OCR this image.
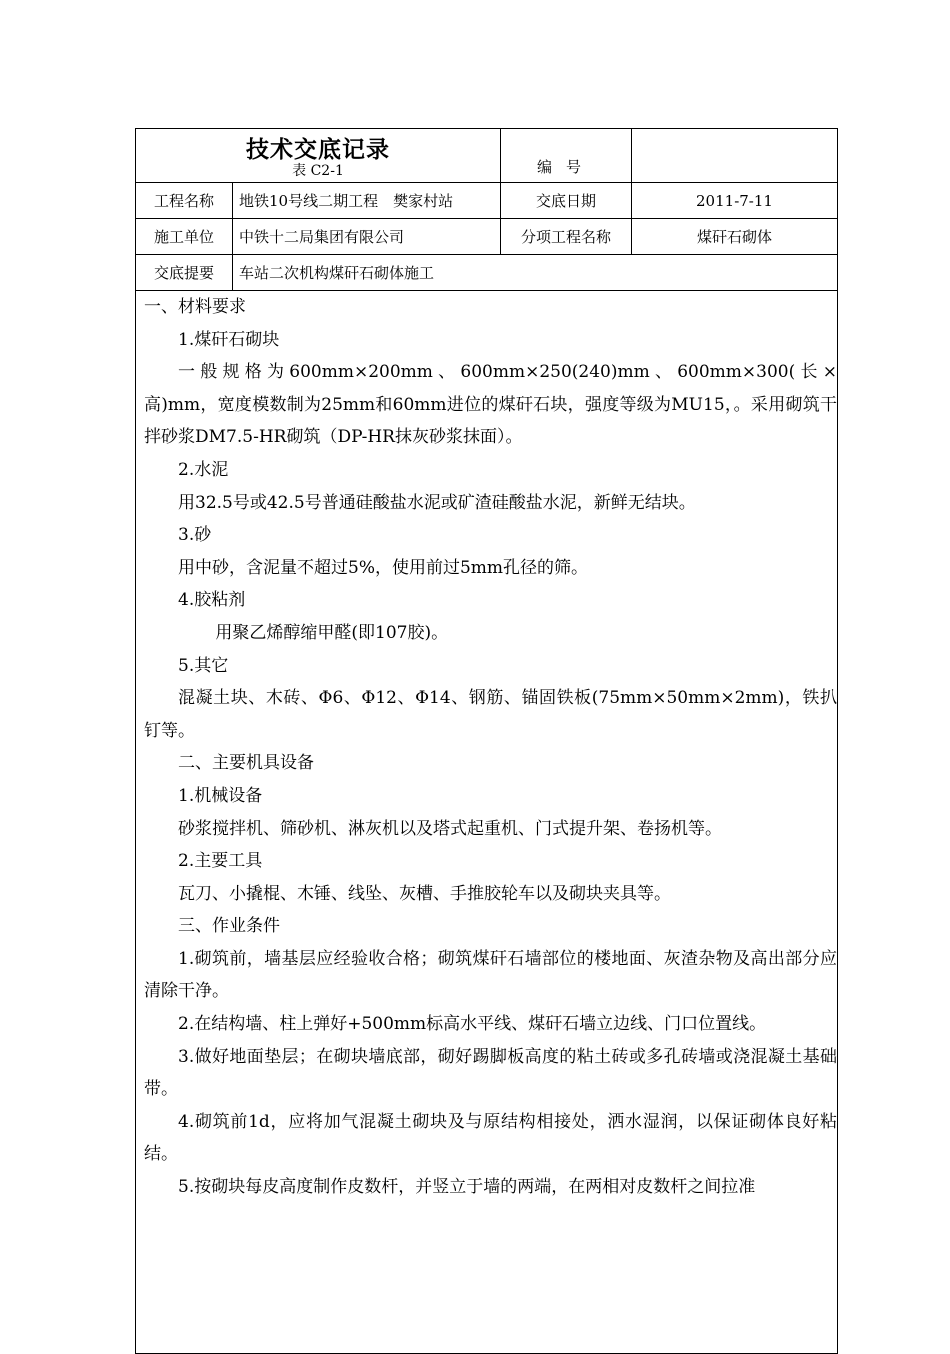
技术交底记录
表 C2-1		编号	
工程名称	地铁10号线二期工程　樊家村站	交底日期	2011-7-11
施工单位	中铁十二局集团有限公司	分项工程名称	煤矸石砌体
交底提要	车站二次机构煤矸石砌体施工		

一、材料要求

1.煤矸石砌块

一般规格为600mm×200mm、600mm×250(240)mm、600mm×300(长×高)mm，宽度模数制为25mm和60mm进位的煤矸石块，强度等级为MU15，。采用砌筑干拌砂浆DM7.5-HR砌筑（DP-HR抹灰砂浆抹面）。

2.水泥

用32.5号或42.5号普通硅酸盐水泥或矿渣硅酸盐水泥，新鲜无结块。

3.砂

用中砂，含泥量不超过5%，使用前过5mm孔径的筛。

4.胶粘剂

用聚乙烯醇缩甲醛(即107胶)。

5.其它

混凝土块、木砖、Φ6、Φ12、Φ14、钢筋、锚固铁板(75mm×50mm×2mm)，铁扒钉等。

二、主要机具设备

1.机械设备

砂浆搅拌机、筛砂机、淋灰机以及塔式起重机、门式提升架、卷扬机等。

2.主要工具

瓦刀、小撬棍、木锤、线坠、灰槽、手推胶轮车以及砌块夹具等。

三、作业条件

1.砌筑前，墙基层应经验收合格；砌筑煤矸石墙部位的楼地面、灰渣杂物及高出部分应清除干净。

2.在结构墙、柱上弹好+500mm标高水平线、煤矸石墙立边线、门口位置线。

3.做好地面垫层；在砌块墙底部，砌好踢脚板高度的粘土砖或多孔砖墙或浇混凝土基础带。

4.砌筑前1d，应将加气混凝土砌块及与原结构相接处，洒水湿润，以保证砌体良好粘结。

5.按砌块每皮高度制作皮数杆，并竖立于墙的两端，在两相对皮数杆之间拉准
